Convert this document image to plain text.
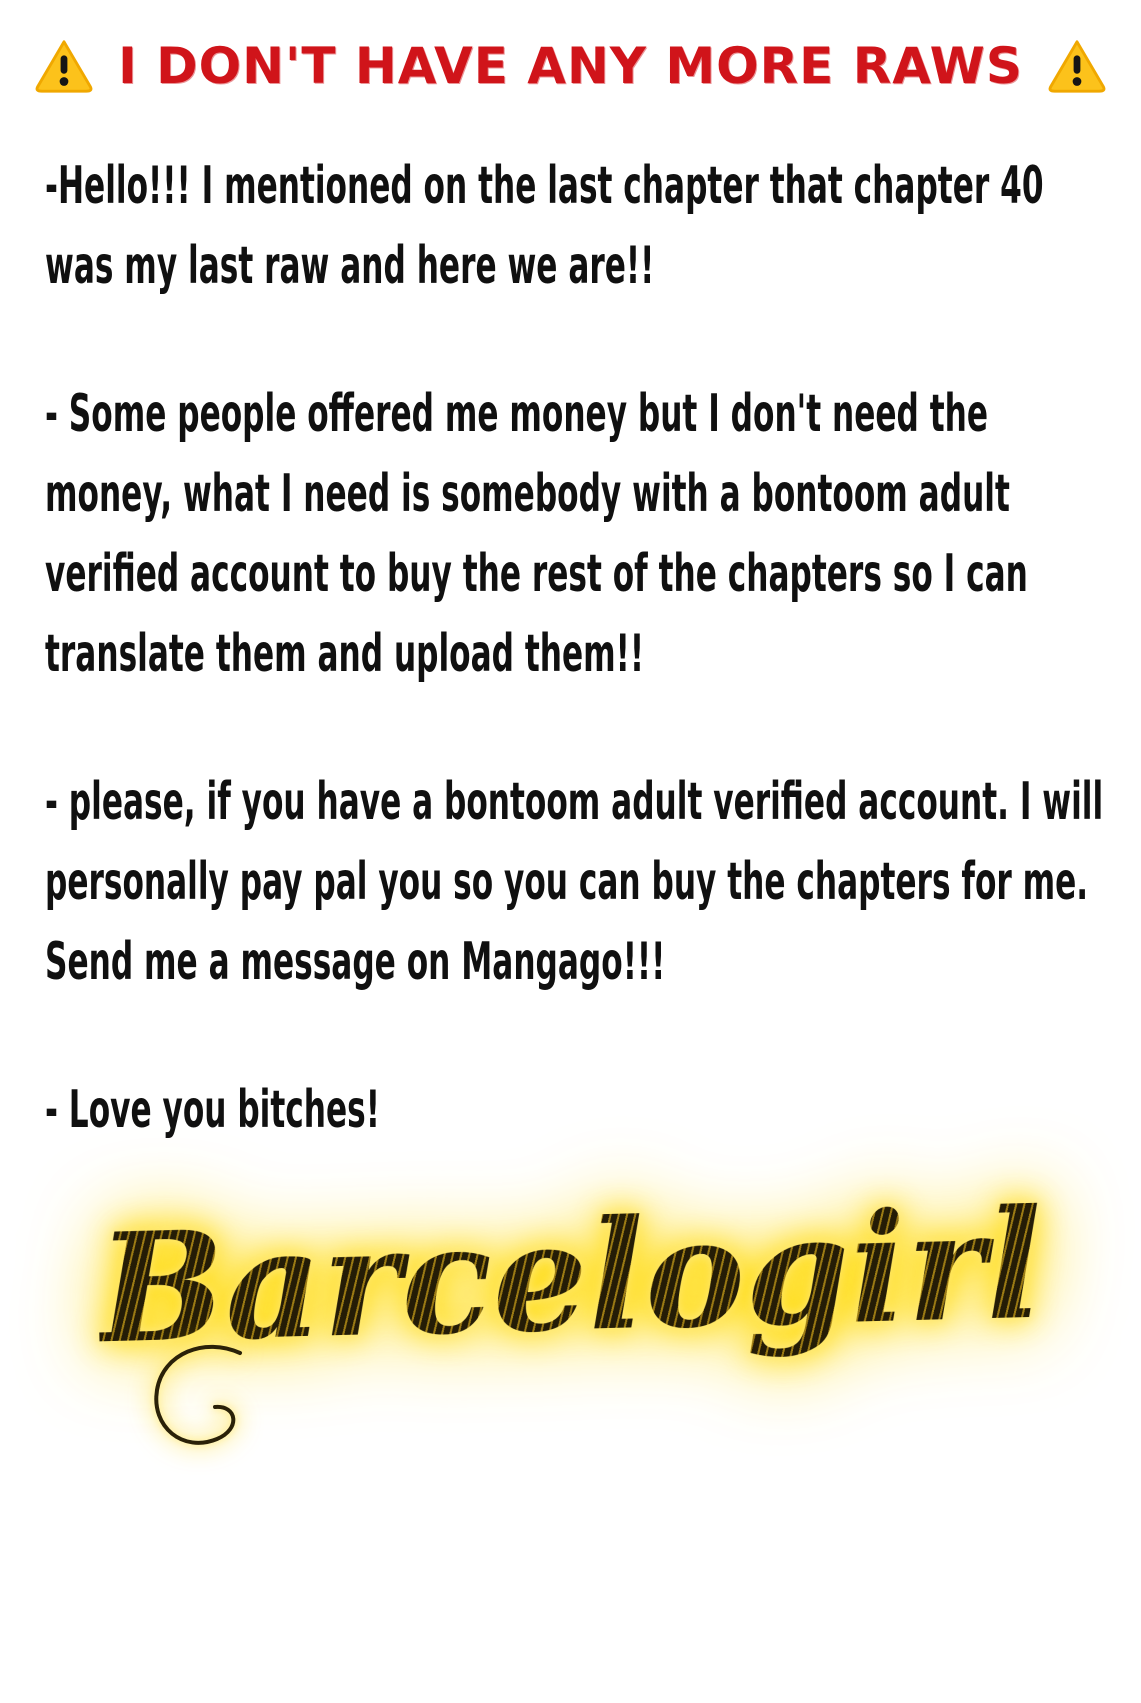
I DON'T HAVE ANY MORE RAWS

-Hello!!! I mentioned on the last chapter that chapter 40
was my last raw and here we are!!

- Some people offered me money but I don't need the
money, what I need is somebody with a bontoom adult
verified account to buy the rest of the chapters so I can
translate them and upload them!!

- please, if you have a bontoom adult verified account. I will
personally pay pal you so you can buy the chapters for me.
Send me a message on Mangago!!!

- Love you bitches!

Barcelogirl
